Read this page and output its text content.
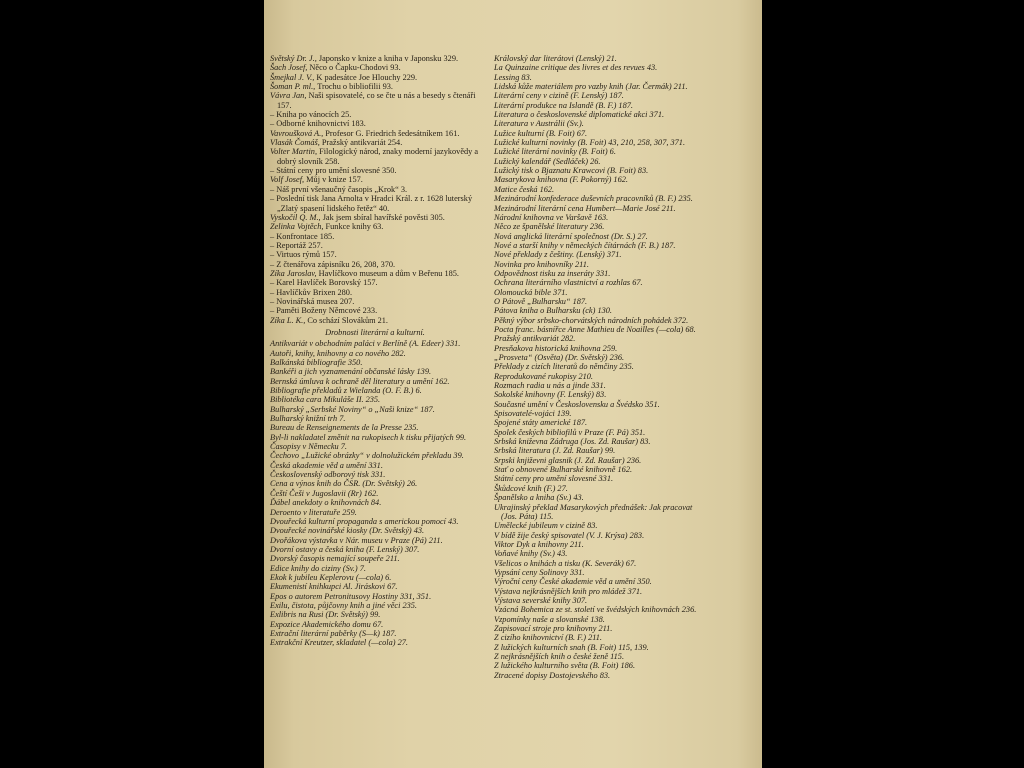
Světský Dr. J., Japonsko v knize a kniha v Japonsku 329.

Šach Josef, Něco o Čapku-Chodovi 93.

Šmejkal J. V., K padesátce Joe Hlouchy 229.

Šoman P. ml., Trochu o bibliofilii 93.

Vávra Jan, Naši spisovatelé, co se čte u nás a besedy s čtenáři 157.

– Kniha po vánocích 25.

– Odborné knihovnictví 183.

Vavroušková A., Profesor G. Friedrich šedesátníkem 161.

Vlasák Čomáš, Pražský antikvariát 254.

Volter Martin, Filologický národ, znaky moderní jazykovědy a dobrý slovník 258.

– Státní ceny pro umění slovesné 350.

Volf Josef, Můj v knize 157.

– Náš první všenaučný časopis „Krok“ 3.

– Poslední tisk Jana Arnolta v Hradci Král. z r. 1628 luterský „Zlatý spasení lidského řetěz“ 40.

Vyskočil Q. M., Jak jsem sbíral havířské pověsti 305.

Zelinka Vojtěch, Funkce knihy 63.

– Konfrontace 185.

– Reportáž 257.

– Virtuos rýmů 157.

– Z čtenářova zápisníku 26, 208, 370.

Zíka Jaroslav, Havlíčkovo museum a dům v Beřenu 185.

– Karel Havlíček Borovský 157.

– Havlíčkův Brixen 280.

– Novinářská musea 207.

– Paměti Boženy Němcové 233.

Zíka L. K., Co schází Slovákům 21.

Drobnosti literární a kulturní.

Antikvariát v obchodním paláci v Berlíně (A. Edeer) 331.

Autoři, knihy, knihovny a co nového 282.

Balkánská bibliografie 350.

Bankéři a jich vyznamenání občanské lásky 139.

Bernská úmluva k ochraně děl literatury a umění 162.

Bibliografie překladů z Wielanda (O. F. B.) 6.

Bibliotéka cara Mikuláše II. 235.

Bulharský „Serbské Noviny“ o „Naši knize“ 187.

Bulharský knižní trh 7.

Bureau de Renseignements de la Presse 235.

Byl-li nakladatel změnit na rukopisech k tisku přijatých 99.

Časopisy v Německu 7.

Čechovo „Lužické obrázky“ v dolnolužickém překladu 39.

Česká akademie věd a umění 331.

Československý odborový tisk 331.

Cena a výnos knih do ČSR. (Dr. Světský) 26.

Čeští Češi v Jugoslavii (Rr) 162.

Ďábel anekdoty o knihovnách 84.

Deroento v literatuře 259.

Dvouřecká kulturní propaganda s americkou pomocí 43.

Dvouřecké novinářské kiosky (Dr. Světský) 43.

Dvořákova výstavka v Nár. museu v Praze (Pá) 211.

Dvorní ostavy a česká kniha (F. Lenský) 307.

Dvorský časopis nemající soupeře 211.

Edice knihy do ciziny (Sv.) 7.

Ekok k jubileu Keplerovu (—cola) 6.

Ekumenistí knihkupci Al. Jiráskovi 67.

Epos o autorem Petronitusovy Hostiny 331, 351.

Exilu, čistota, půjčovny knih a jiné věci 235.

Exlibris na Rusi (Dr. Světský) 99.

Expozice Akademického domu 67.

Extrační literární paběrky (S—k) 187.

Extrakční Kreutzer, skladatel (—cola) 27.

Královský dar literátovi (Lenský) 21.

La Quinzaine critique des livres et des revues 43.

Lessing 83.

Lidská kůže materiálem pro vazby knih (Jar. Čermák) 211.

Literární ceny v cizině (F. Lenský) 187.

Literární produkce na Islandě (B. F.) 187.

Literatura o československé diplomatické akci 371.

Literatura v Austrálii (Sv.).

Lužice kulturní (B. Foit) 67.

Lužické kulturní novinky (B. Foit) 43, 210, 258, 307, 371.

Lužické literární novinky (B. Foit) 6.

Lužický kalendář (Sedláček) 26.

Lužický tisk o Bjaznatu Krawcovi (B. Foit) 83.

Masarykova knihovna (F. Pokorný) 162.

Matice česká 162.

Mezinárodní konfederace duševních pracovníků (B. F.) 235.

Mezinárodní literární cena Humbert—Marie José 211.

Národní knihovna ve Varšavě 163.

Něco ze španělské literatury 236.

Nová anglická literární společnost (Dr. S.) 27.

Nové a starší knihy v německých čítárnách (F. B.) 187.

Nové překlady z češtiny. (Lenský) 371.

Novinka pro knihovníky 211.

Odpovědnost tisku za inseráty 331.

Ochrana literárního vlastnictví a rozhlas 67.

Olomoucká bible 371.

O Pátově „Bulharsku“ 187.

Pátova kniha o Bulharsku (ck) 130.

Pěkný výbor srbsko-chorvátských národních pohádek 372.

Pocta franc. básnířce Anne Mathieu de Noailles (—cola) 68.

Pražský antikvariát 282.

Presňakova historická knihovna 259.

„Prosveta“ (Osvěta) (Dr. Světský) 236.

Překlady z cizích literatů do němčiny 235.

Reprodukované rukopisy 210.

Rozmach radia u nás a jinde 331.

Sokolské knihovny (F. Lenský) 83.

Současné umění v Československu a Švédsko 351.

Spisovatelé-vojáci 139.

Spojené státy americké 187.

Spolek českých bibliofilů v Praze (F. Pá) 351.

Srbská kniževna Zádruga (Jos. Zd. Raušar) 83.

Srbská literatura (J. Zd. Raušar) 99.

Srpski književni glasnik (J. Zd. Raušar) 236.

Stať o obnovené Bulharské knihovně 162.

Státní ceny pro umění slovesné 331.

Škůdcové knih (F.) 27.

Španělsko a kniha (Sv.) 43.

Ukrajinský překlad Masarykových přednášek: Jak pracovat (Jos. Páta) 115.

Umělecké jubileum v cizině 83.

V bídě žije český spisovatel (V. J. Krýsa) 283.

Viktor Dyk a knihovny 211.

Voňavé knihy (Sv.) 43.

Všelicos o knihách a tisku (K. Severák) 67.

Vypsání ceny Solinovy 331.

Výroční ceny České akademie věd a umění 350.

Výstava nejkrásnějších knih pro mládež 371.

Výstava severské knihy 307.

Vzácná Bohemica ze st. století ve švédských knihovnách 236.

Vzpomínky naše a slovanské 138.

Zapisovací stroje pro knihovny 211.

Z cizího knihovnictví (B. F.) 211.

Z lužických kulturních snah (B. Foit) 115, 139.

Z nejkrásnějších knih o české ženě 115.

Z lužického kulturního světa (B. Foit) 186.

Ztracené dopisy Dostojevského 83.
